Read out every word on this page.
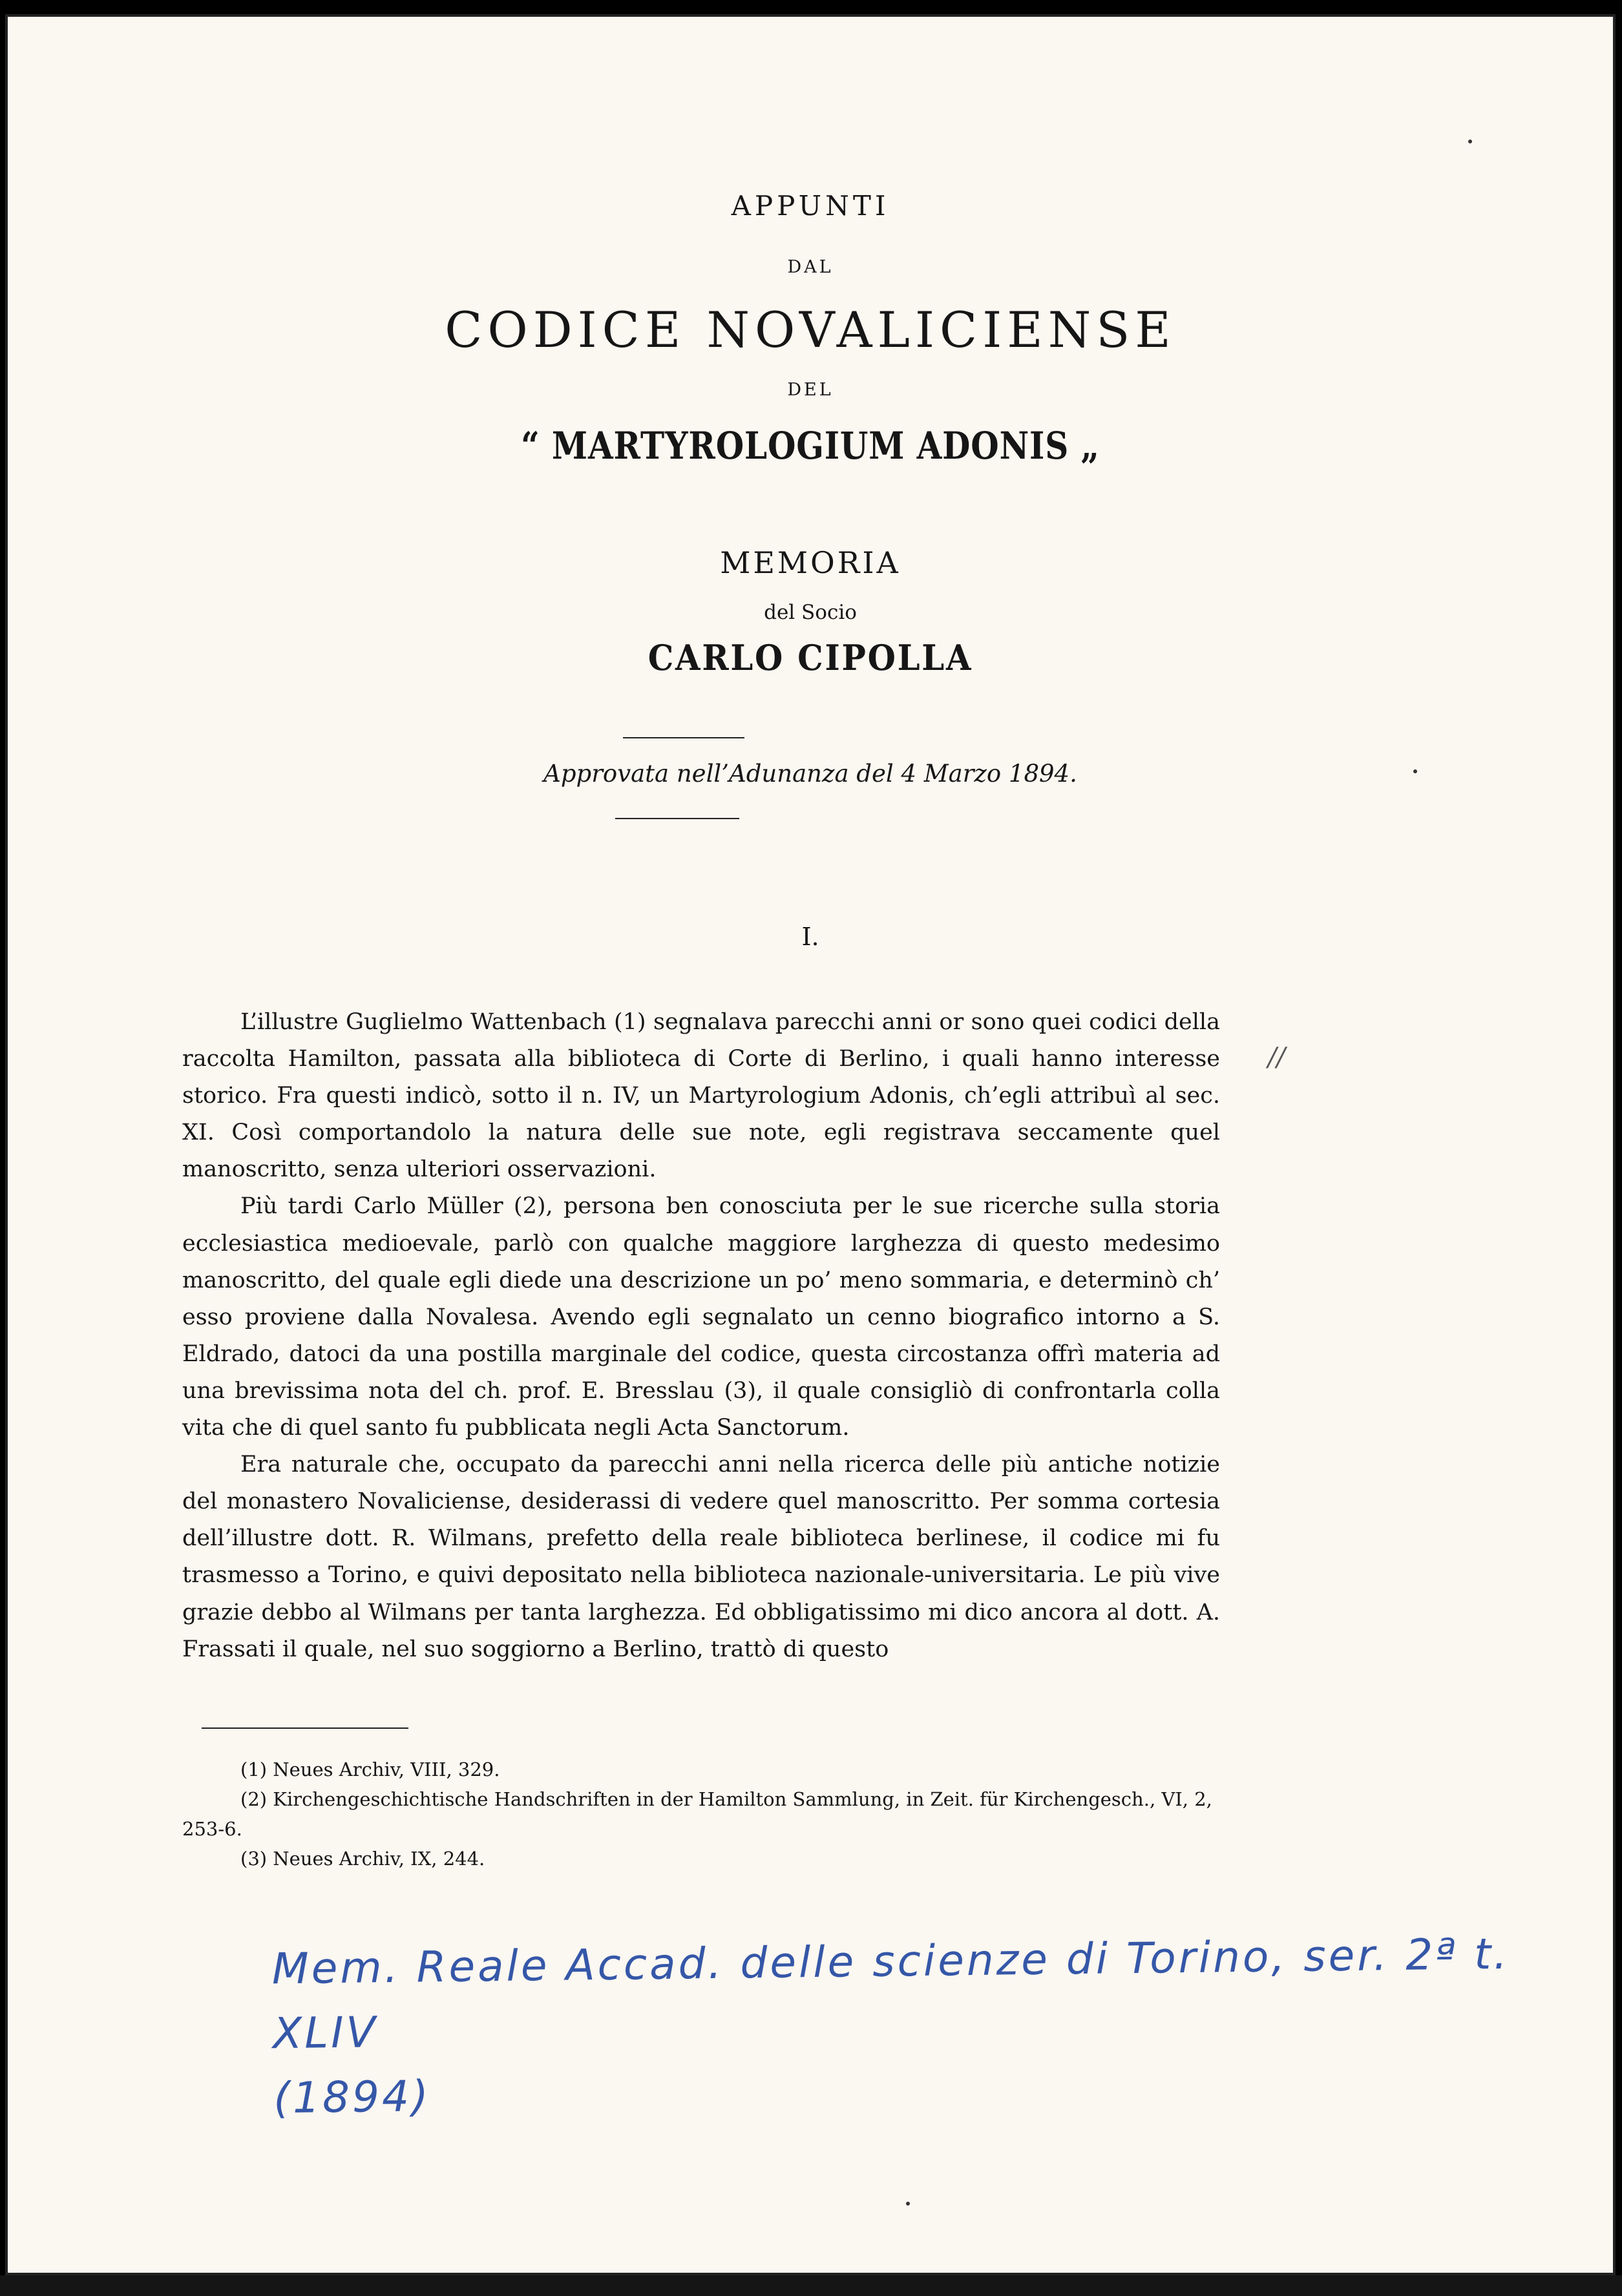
APPUNTI
DAL
CODICE NOVALICIENSE
DEL
“ MARTYROLOGIUM ADONIS „
MEMORIA
del Socio
CARLO CIPOLLA
Approvata nell’Adunanza del 4 Marzo 1894.
I.

L’illustre Guglielmo Wattenbach (1) segnalava parecchi anni or sono quei codici della raccolta Hamilton, passata alla biblioteca di Corte di Berlino, i quali hanno interesse storico. Fra questi indicò, sotto il n. IV, un Martyrologium Adonis, ch’egli attribuì al sec. XI. Così comportandolo la natura delle sue note, egli registrava seccamente quel manoscritto, senza ulteriori osservazioni.

Più tardi Carlo Müller (2), persona ben conosciuta per le sue ricerche sulla storia ecclesiastica medioevale, parlò con qualche maggiore larghezza di questo medesimo manoscritto, del quale egli diede una descrizione un po’ meno sommaria, e determinò ch’ esso proviene dalla Novalesa. Avendo egli segnalato un cenno biografico intorno a S. Eldrado, datoci da una postilla marginale del codice, questa circostanza offrì materia ad una brevissima nota del ch. prof. E. Bresslau (3), il quale consigliò di confrontarla colla vita che di quel santo fu pubblicata negli Acta Sanctorum.

Era naturale che, occupato da parecchi anni nella ricerca delle più antiche notizie del monastero Novaliciense, desiderassi di vedere quel manoscritto. Per somma cortesia dell’illustre dott. R. Wilmans, prefetto della reale biblioteca berlinese, il codice mi fu trasmesso a Torino, e quivi depositato nella biblioteca nazionale-universitaria. Le più vive grazie debbo al Wilmans per tanta larghezza. Ed obbligatissimo mi dico ancora al dott. A. Frassati il quale, nel suo soggiorno a Berlino, trattò di questo

//

(1) Neues Archiv, VIII, 329.

(2) Kirchengeschichtische Handschriften in der Hamilton Sammlung, in Zeit. für Kirchengesch., VI, 2, 253-6.

(3) Neues Archiv, IX, 244.

Mem. Reale Accad. delle scienze di Torino, ser. 2ª t. XLIV
(1894)
